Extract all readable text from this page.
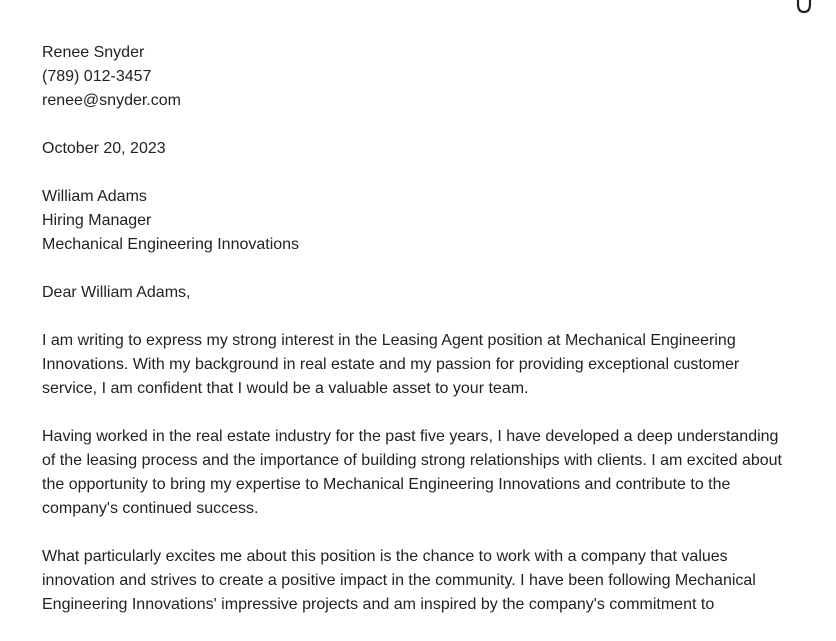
Renee Snyder
(789) 012-3457
renee@snyder.com
October 20, 2023
William Adams
Hiring Manager
Mechanical Engineering Innovations
Dear William Adams,
I am writing to express my strong interest in the Leasing Agent position at Mechanical Engineering
Innovations. With my background in real estate and my passion for providing exceptional customer
service, I am confident that I would be a valuable asset to your team.
Having worked in the real estate industry for the past five years, I have developed a deep understanding
of the leasing process and the importance of building strong relationships with clients. I am excited about
the opportunity to bring my expertise to Mechanical Engineering Innovations and contribute to the
company's continued success.
What particularly excites me about this position is the chance to work with a company that values
innovation and strives to create a positive impact in the community. I have been following Mechanical
Engineering Innovations' impressive projects and am inspired by the company's commitment to
